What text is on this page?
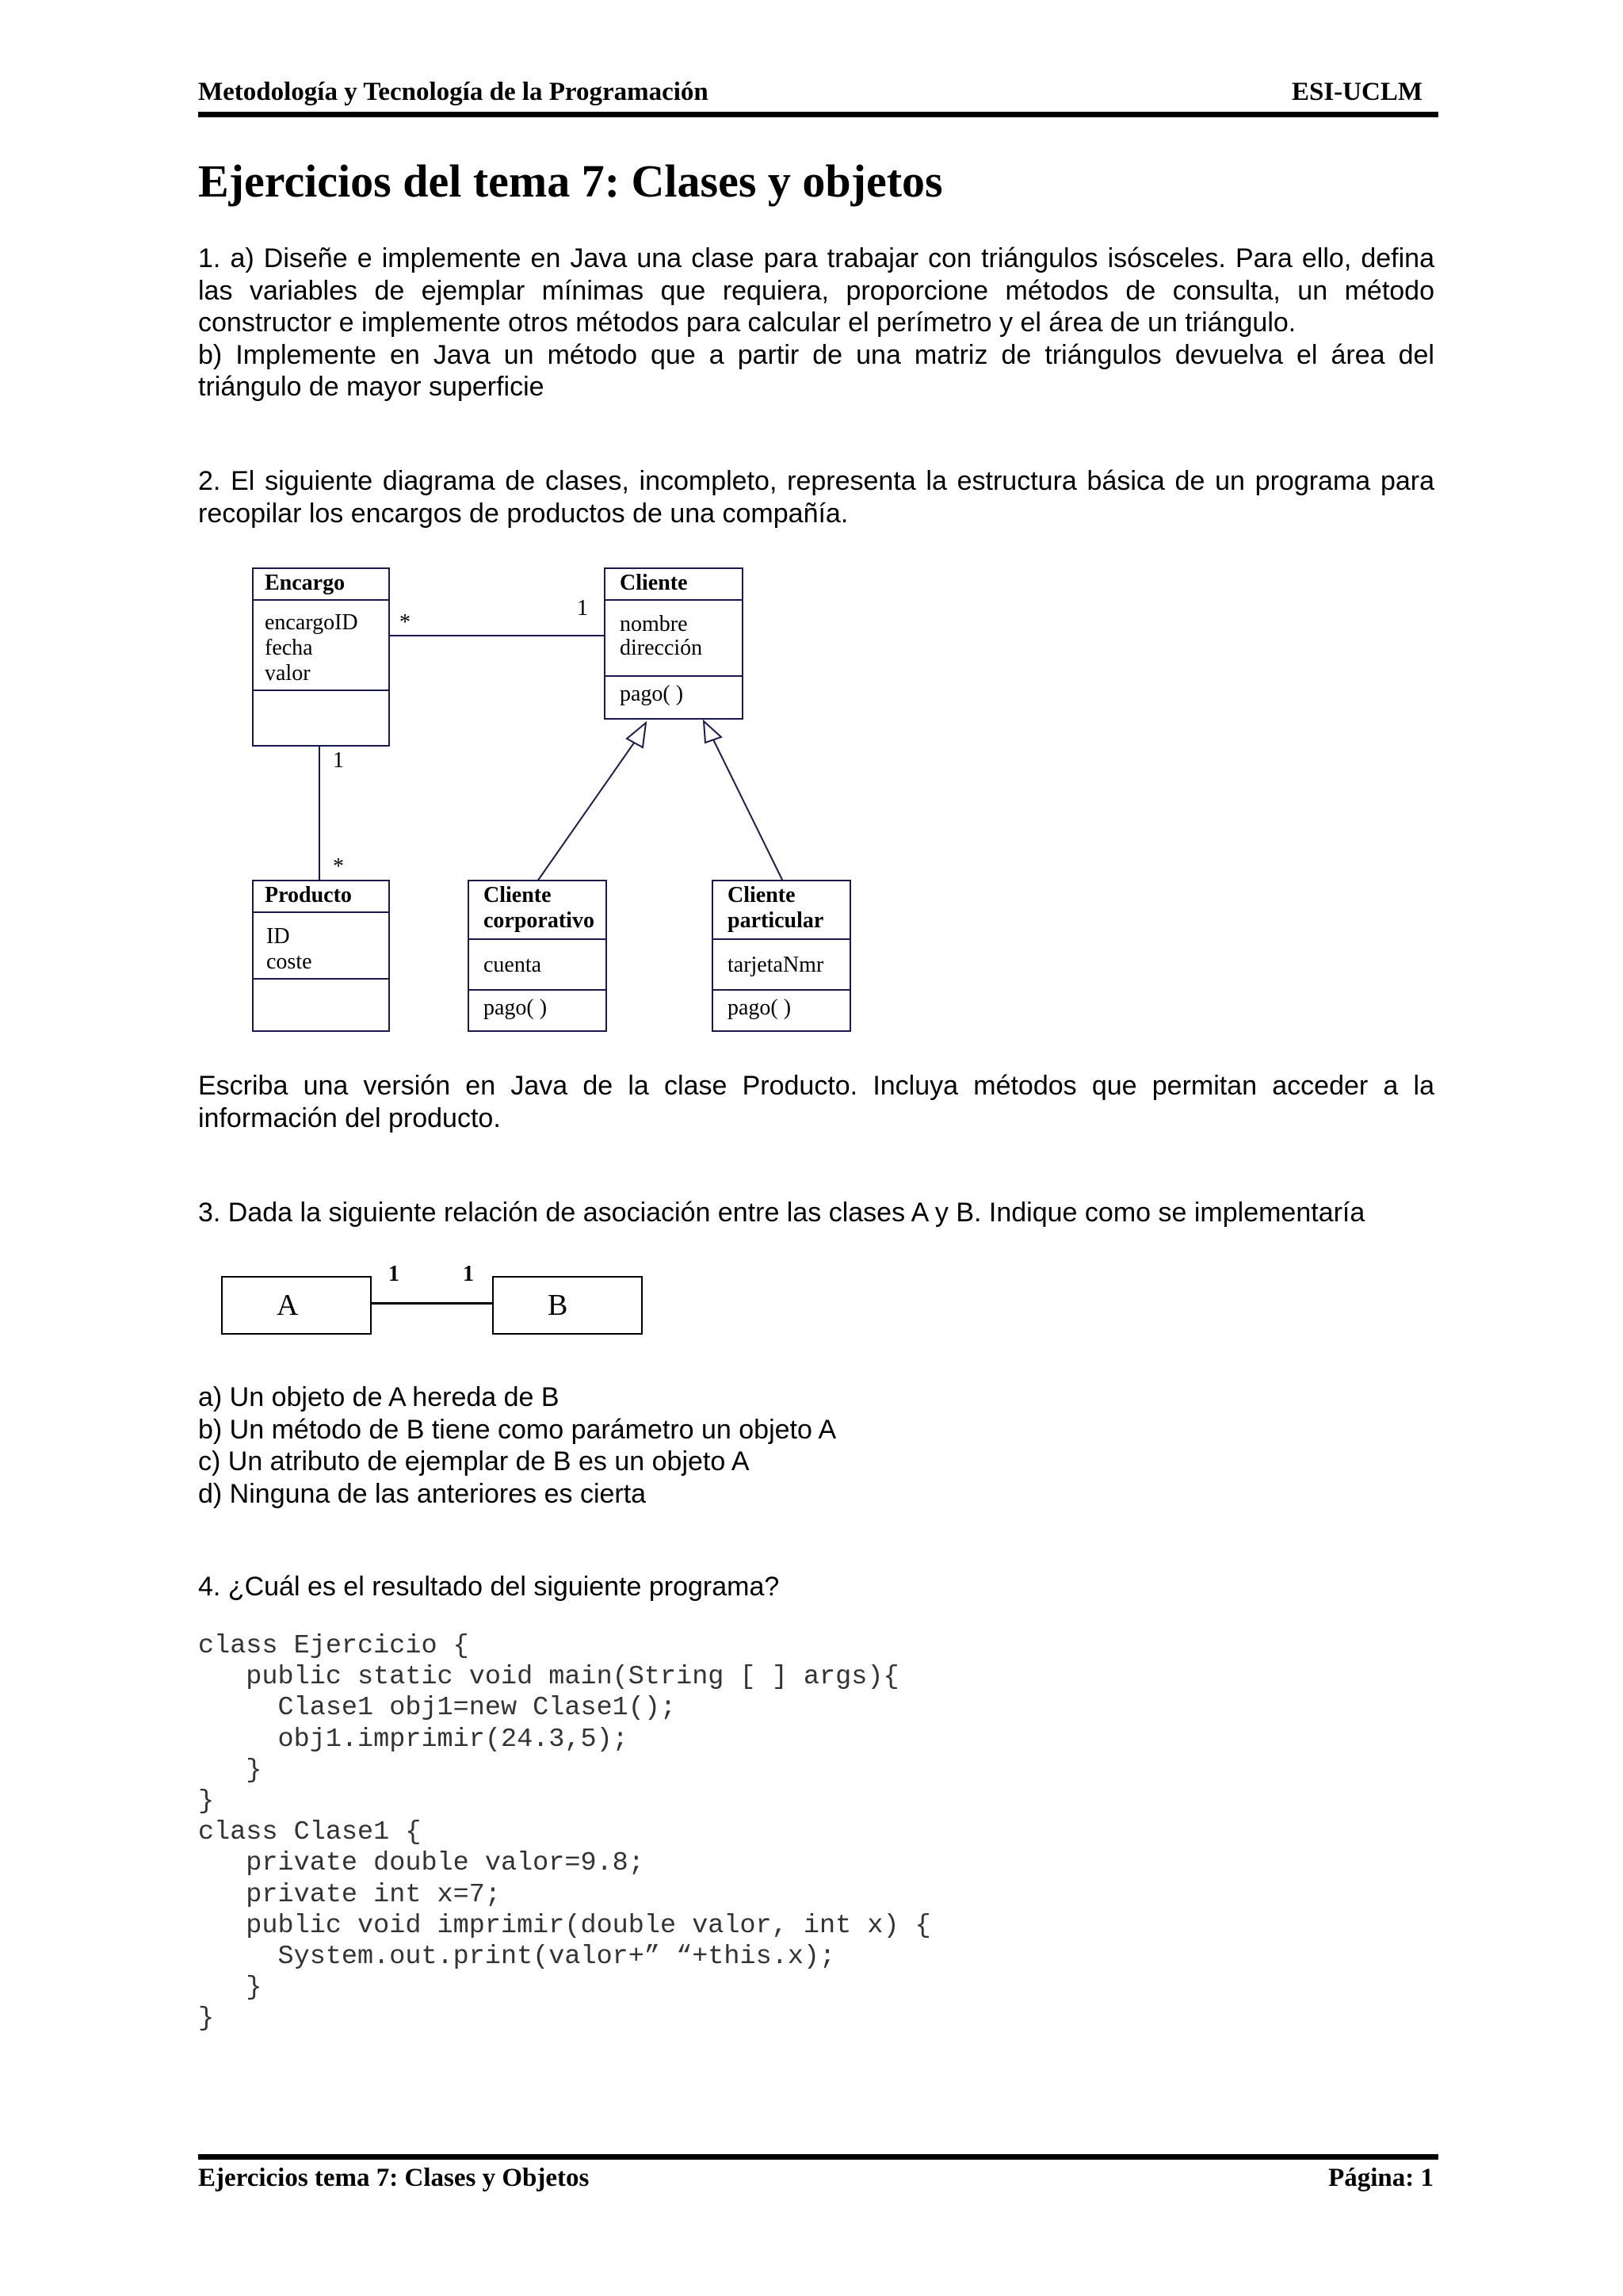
Metodología y Tecnología de la Programación	ESI-UCLM
Ejercicios del tema 7: Clases y objetos

1. a) Diseñe e implemente en Java una clase para trabajar con triángulos isósceles. Para ello, defina las variables de ejemplar mínimas que requiera, proporcione métodos de consulta, un método constructor e implemente otros métodos para calcular el perímetro y el área de un triángulo.

b) Implemente en Java un método que a partir de una matriz de triángulos devuelva el área del triángulo de mayor superficie

2. El siguiente diagrama de clases, incompleto, representa la estructura básica de un programa para recopilar los encargos de productos de una compañía.

Encargo
encargoID
fecha
valor
Cliente
nombre
dirección
pago( )
Producto
ID
coste
Cliente
corporativo
cuenta
pago( )
Cliente
particular
tarjetaNmr
pago( )
*
1
1
*

Escriba una versión en Java de la clase Producto. Incluya métodos que permitan acceder a la información del producto.

3. Dada la siguiente relación de asociación entre las clases A y B. Indique como se implementaría

A	B
1	1

a) Un objeto de A hereda de B

b) Un método de B tiene como parámetro un objeto A

c) Un atributo de ejemplar de B es un objeto A

d) Ninguna de las anteriores es cierta

4. ¿Cuál es el resultado del siguiente programa?

class Ejercicio {
public static void main(String [ ] args){
Clase1 obj1=new Clase1();
obj1.imprimir(24.3,5);
}
}
class Clase1 {
private double valor=9.8;
private int x=7;
public void imprimir(double valor, int x) {
System.out.print(valor+” “+this.x);
}
}
Ejercicios tema 7: Clases y Objetos	Página: 1
